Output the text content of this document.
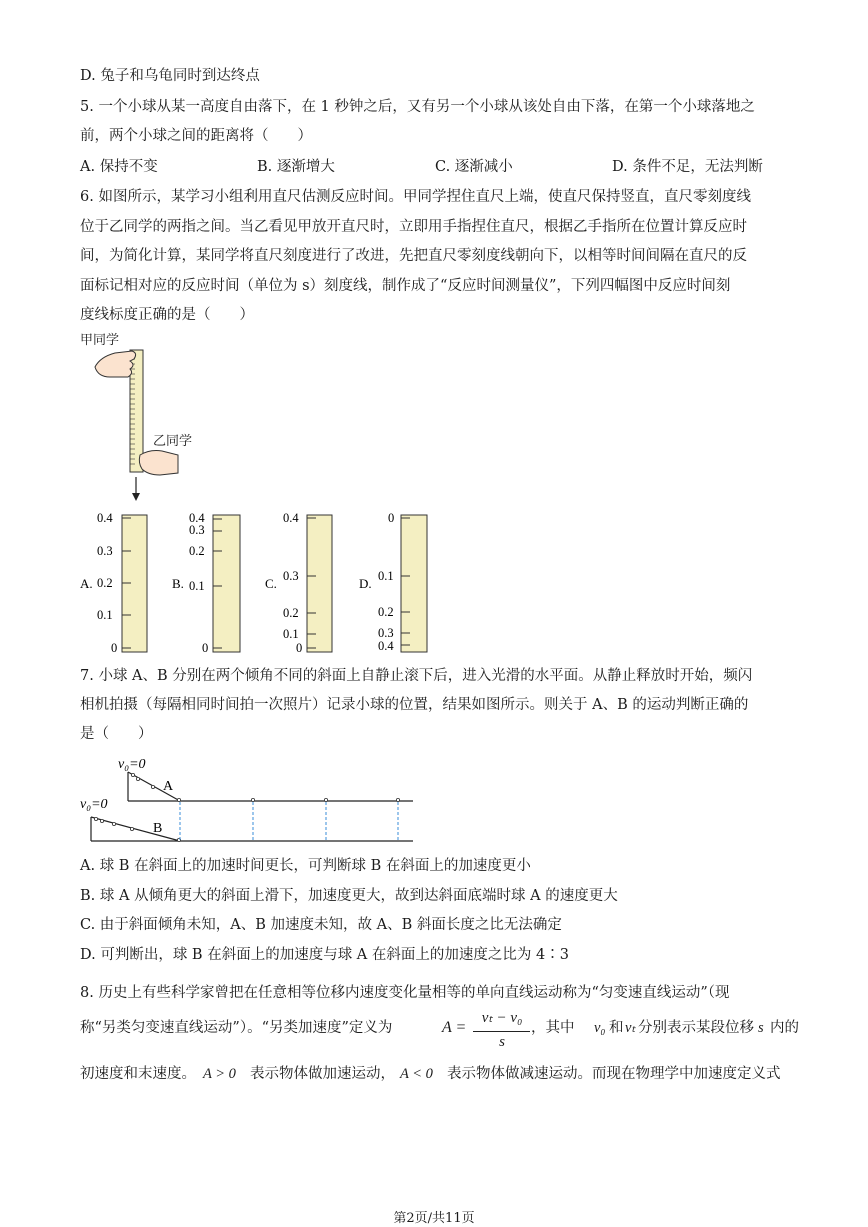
D. 兔子和乌龟同时到达终点
5. 一个小球从某一高度自由落下，在 1 秒钟之后，又有另一个小球从该处自由下落，在第一个小球落地之
前，两个小球之间的距离将（　　）
A. 保持不变	B. 逐渐增大	C. 逐渐减小	D. 条件不足，无法判断
6. 如图所示，某学习小组利用直尺估测反应时间。甲同学捏住直尺上端，使直尺保持竖直，直尺零刻度线
位于乙同学的两指之间。当乙看见甲放开直尺时，立即用手指捏住直尺，根据乙手指所在位置计算反应时
间，为简化计算，某同学将直尺刻度进行了改进，先把直尺零刻度线朝向下，以相等时间间隔在直尺的反
面标记相对应的反应时间（单位为 s）刻度线，制作成了“反应时间测量仪”，下列四幅图中反应时间刻
度线标度正确的是（　　）
甲同学
乙同学
A.
0.4
0.3
0.2
0.1
0
B.
0.4
0.3
0.2
0.1
0
C.
0.4
0.3
0.2
0.1
0
D.
0
0.1
0.2
0.3
0.4
7. 小球 A、B 分别在两个倾角不同的斜面上自静止滚下后，进入光滑的水平面。从静止释放时开始，频闪
相机拍摄（每隔相同时间拍一次照片）记录小球的位置，结果如图所示。则关于 A、B 的运动判断正确的
是（　　）
v₀=0
v₀=0
A
B
A. 球 B 在斜面上的加速时间更长，可判断球 B 在斜面上的加速度更小
B. 球 A 从倾角更大的斜面上滑下，加速度更大，故到达斜面底端时球 A 的速度更大
C. 由于斜面倾角未知，A、B 加速度未知，故 A、B 斜面长度之比无法确定
D. 可判断出，球 B 在斜面上的加速度与球 A 在斜面上的加速度之比为 4∶3
8. 历史上有些科学家曾把在任意相等位移内速度变化量相等的单向直线运动称为“匀变速直线运动”（现
称“另类匀变速直线运动”）。“另类加速度”定义为	A =
vₜ − v₀
s
，其中 v₀ 和 vₜ 分别表示某段位移 s 内的
初速度和末速度。 A > 0 表示物体做加速运动， A < 0 表示物体做减速运动。而现在物理学中加速度定义式
第2页/共11页
